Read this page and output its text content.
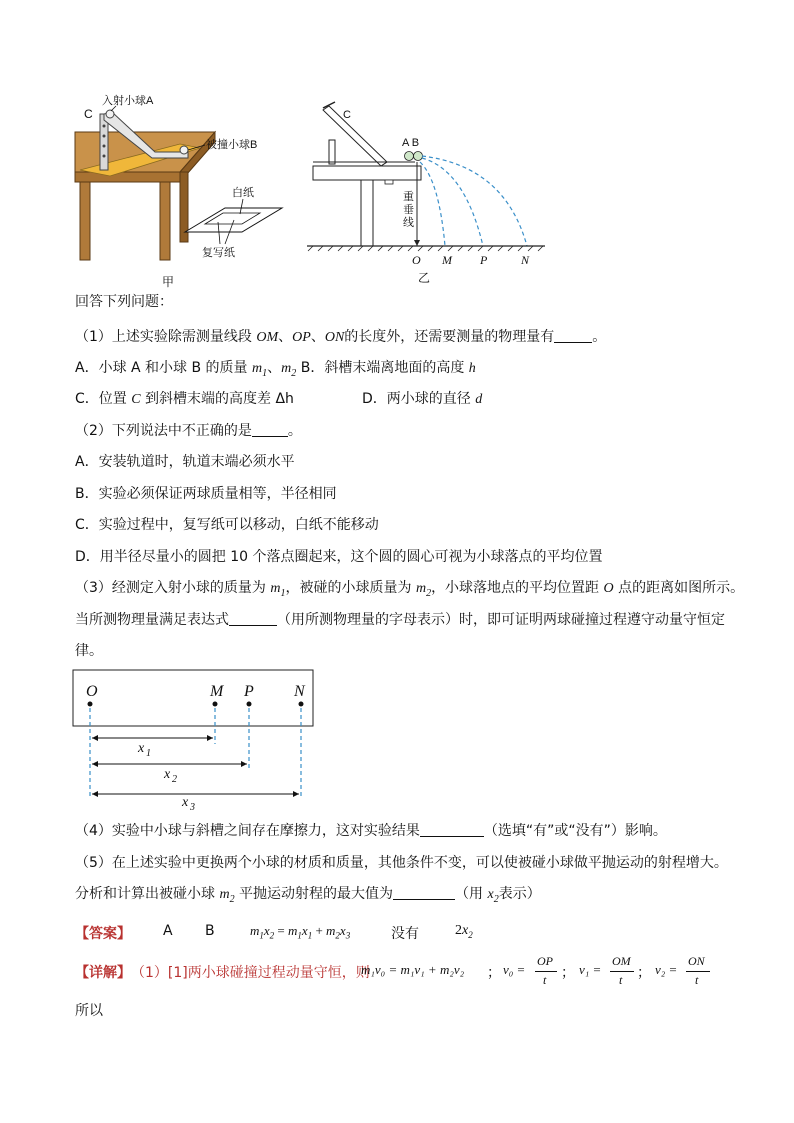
C
入射小球A
被撞小球B
白纸
复写纸
甲
C
A B
重
垂
线
O M P	N
乙
回答下列问题：
（1）上述实验除需测量线段 OM、OP、ON的长度外，还需要测量的物理量有	。
A．小球 A 和小球 B 的质量 $m_1$、$m_2$ B．斜槽末端离地面的高度 h
C．位置 C 到斜槽末端的高度差 Δh	D．两小球的直径 d
（2）下列说法中不正确的是	。
A．安装轨道时，轨道末端必须水平
B．实验必须保证两球质量相等，半径相同
C．实验过程中，复写纸可以移动，白纸不能移动
D．用半径尽量小的圆把 10 个落点圈起来，这个圆的圆心可视为小球落点的平均位置
（3）经测定入射小球的质量为 $m_1$，被碰的小球质量为 $m_2$，小球落地点的平均位置距 O 点的距离如图所示。
当所测物理量满足表达式	（用所测物理量的字母表示）时，即可证明两球碰撞过程遵守动量守恒定
律。
O	M P	N
x 1
x 2
x 3
（4）实验中小球与斜槽之间存在摩擦力，这对实验结果	（选填“有”或“没有”）影响。
（5）在上述实验中更换两个小球的材质和质量，其他条件不变，可以使被碰小球做平抛运动的射程增大。
分析和计算出被碰小球 $m_2$ 平抛运动射程的最大值为	（用 $x_2$表示）
【答案】 A B	$m_1x_2 = m_1x_1 + m_2x_3$	没有	$2x_2$
【详解】 （1）[1]两小球碰撞过程动量守恒，则
m₁v₀ = m₁v₁ + m₂v₂ ； v₀ =
OP
t ； v₁ =
OM
t ； v₂ =
ON
t
所以
